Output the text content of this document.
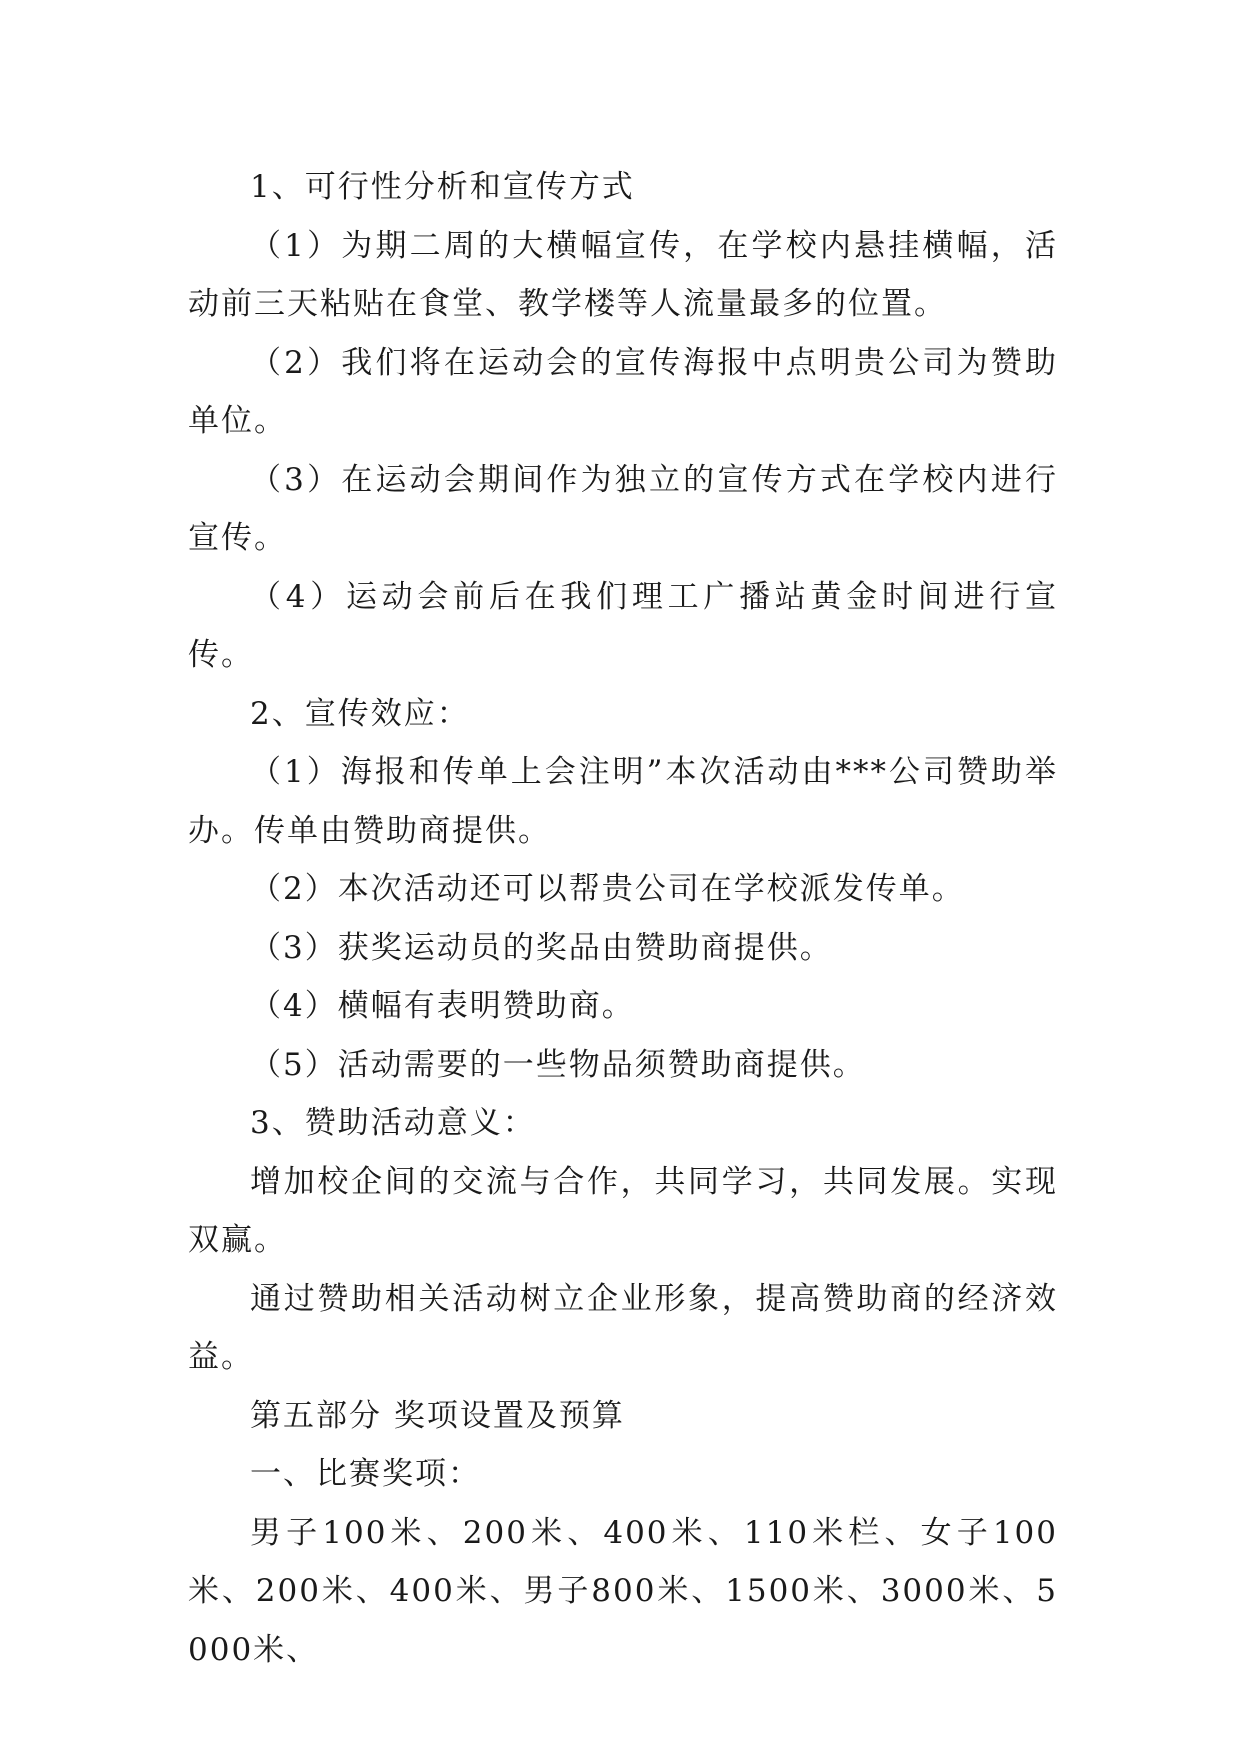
1、可行性分析和宣传方式

（1）为期二周的大横幅宣传，在学校内悬挂横幅，活动前三天粘贴在食堂、教学楼等人流量最多的位置。

（2）我们将在运动会的宣传海报中点明贵公司为赞助单位。

（3）在运动会期间作为独立的宣传方式在学校内进行宣传。

（4）运动会前后在我们理工广播站黄金时间进行宣传。

2、宣传效应：

（1）海报和传单上会注明”本次活动由***公司赞助举办。传单由赞助商提供。

（2）本次活动还可以帮贵公司在学校派发传单。

（3）获奖运动员的奖品由赞助商提供。

（4）横幅有表明赞助商。

（5）活动需要的一些物品须赞助商提供。

3、赞助活动意义：

增加校企间的交流与合作，共同学习，共同发展。实现双赢。

通过赞助相关活动树立企业形象，提高赞助商的经济效益。

第五部分 奖项设置及预算

一、比赛奖项：

男子100米、200米、400米、110米栏、女子100米、200米、400米、男子800米、1500米、3000米、5000米、
